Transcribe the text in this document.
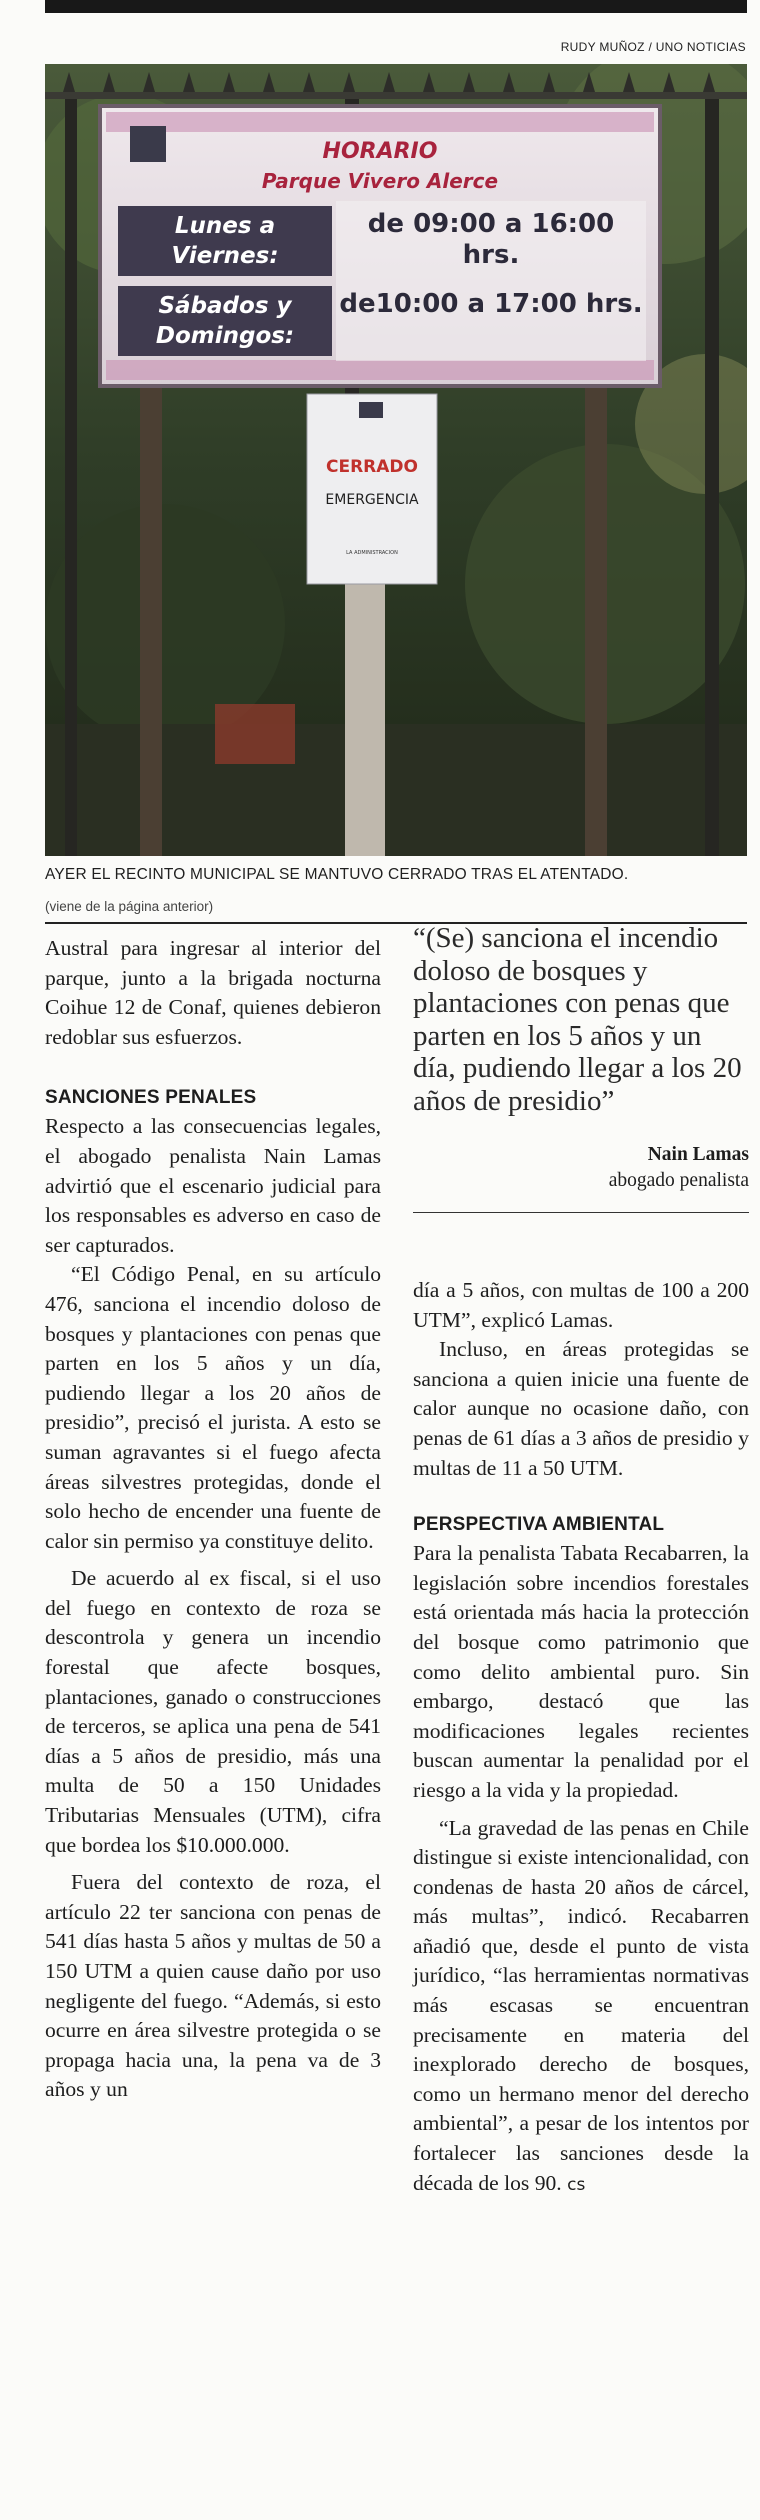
RUDY MUÑOZ / UNO NOTICIAS
HORARIO
Parque Vivero Alerce
Lunes a Viernes:
de 09:00 a 16:00 hrs.
Sábados y Domingos:
de10:00 a 17:00 hrs.
CERRADO
EMERGENCIA
LA ADMINISTRACION
AYER EL RECINTO MUNICIPAL SE MANTUVO CERRADO TRAS EL ATENTADO.
(viene de la página anterior)

Austral para ingresar al interior del parque, junto a la brigada nocturna Coihue 12 de Conaf, quienes debieron redoblar sus esfuerzos.

SANCIONES PENALES

Respecto a las consecuencias legales, el abogado penalista Nain Lamas advirtió que el escenario judicial para los responsables es adverso en caso de ser capturados.

“El Código Penal, en su artículo 476, sanciona el incendio doloso de bosques y plantaciones con penas que parten en los 5 años y un día, pudiendo llegar a los 20 años de presidio”, precisó el jurista. A esto se suman agravantes si el fuego afecta áreas silvestres protegidas, donde el solo hecho de encender una fuente de calor sin permiso ya constituye delito.

De acuerdo al ex fiscal, si el uso del fuego en contexto de roza se descontrola y genera un incendio forestal que afecte bosques, plantaciones, ganado o construcciones de terceros, se aplica una pena de 541 días a 5 años de presidio, más una multa de 50 a 150 Unidades Tributarias Mensuales (UTM), cifra que bordea los $10.000.000.

Fuera del contexto de roza, el artículo 22 ter sanciona con penas de 541 días hasta 5 años y multas de 50 a 150 UTM a quien cause daño por uso negligente del fuego. “Además, si esto ocurre en área silvestre protegida o se propaga hacia una, la pena va de 3 años y un

“(Se) sanciona el incendio doloso de bosques y plantaciones con penas que parten en los 5 años y un día, pudiendo llegar a los 20 años de presidio”
Nain Lamas
abogado penalista

día a 5 años, con multas de 100 a 200 UTM”, explicó Lamas.

Incluso, en áreas protegidas se sanciona a quien inicie una fuente de calor aunque no ocasione daño, con penas de 61 días a 3 años de presidio y multas de 11 a 50 UTM.

PERSPECTIVA AMBIENTAL

Para la penalista Tabata Recabarren, la legislación sobre incendios forestales está orientada más hacia la protección del bosque como patrimonio que como delito ambiental puro. Sin embargo, destacó que las modificaciones legales recientes buscan aumentar la penalidad por el riesgo a la vida y la propiedad.

“La gravedad de las penas en Chile distingue si existe intencionalidad, con condenas de hasta 20 años de cárcel, más multas”, indicó. Recabarren añadió que, desde el punto de vista jurídico, “las herramientas normativas más escasas se encuentran precisamente en materia del inexplorado derecho de bosques, como un hermano menor del derecho ambiental”, a pesar de los intentos por fortalecer las sanciones desde la década de los 90. cs
